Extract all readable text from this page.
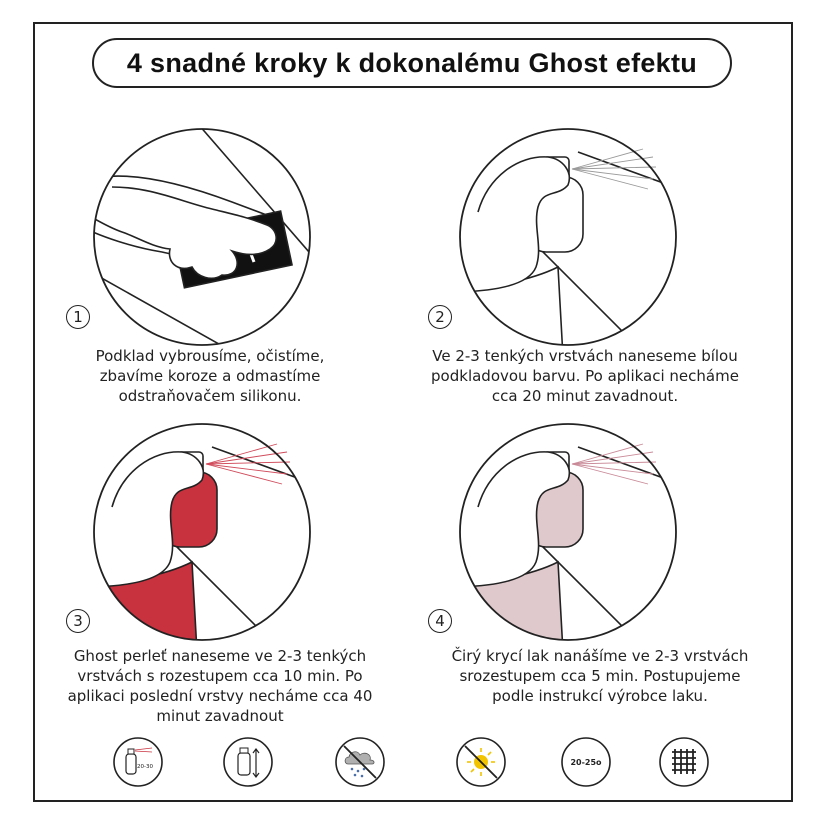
4 snadné kroky k dokonalému Ghost efektu
1	2
3	4
Podklad vybrousíme, očistíme,
zbavíme koroze a odmastíme
odstraňovačem silikonu.
Ve 2-3 tenkých vrstvách naneseme bílou
podkladovou barvu. Po aplikaci necháme
cca 20 minut zavadnout.
Ghost perleť naneseme ve 2-3 tenkých
vrstvách s rozestupem cca 10 min. Po
aplikaci poslední vrstvy necháme cca 40
minut zavadnout
Čirý krycí lak nanášíme ve 2-3 vrstvách
srozestupem cca 5 min. Postupujeme
podle instrukcí výrobce laku.
20-30	20-25o
